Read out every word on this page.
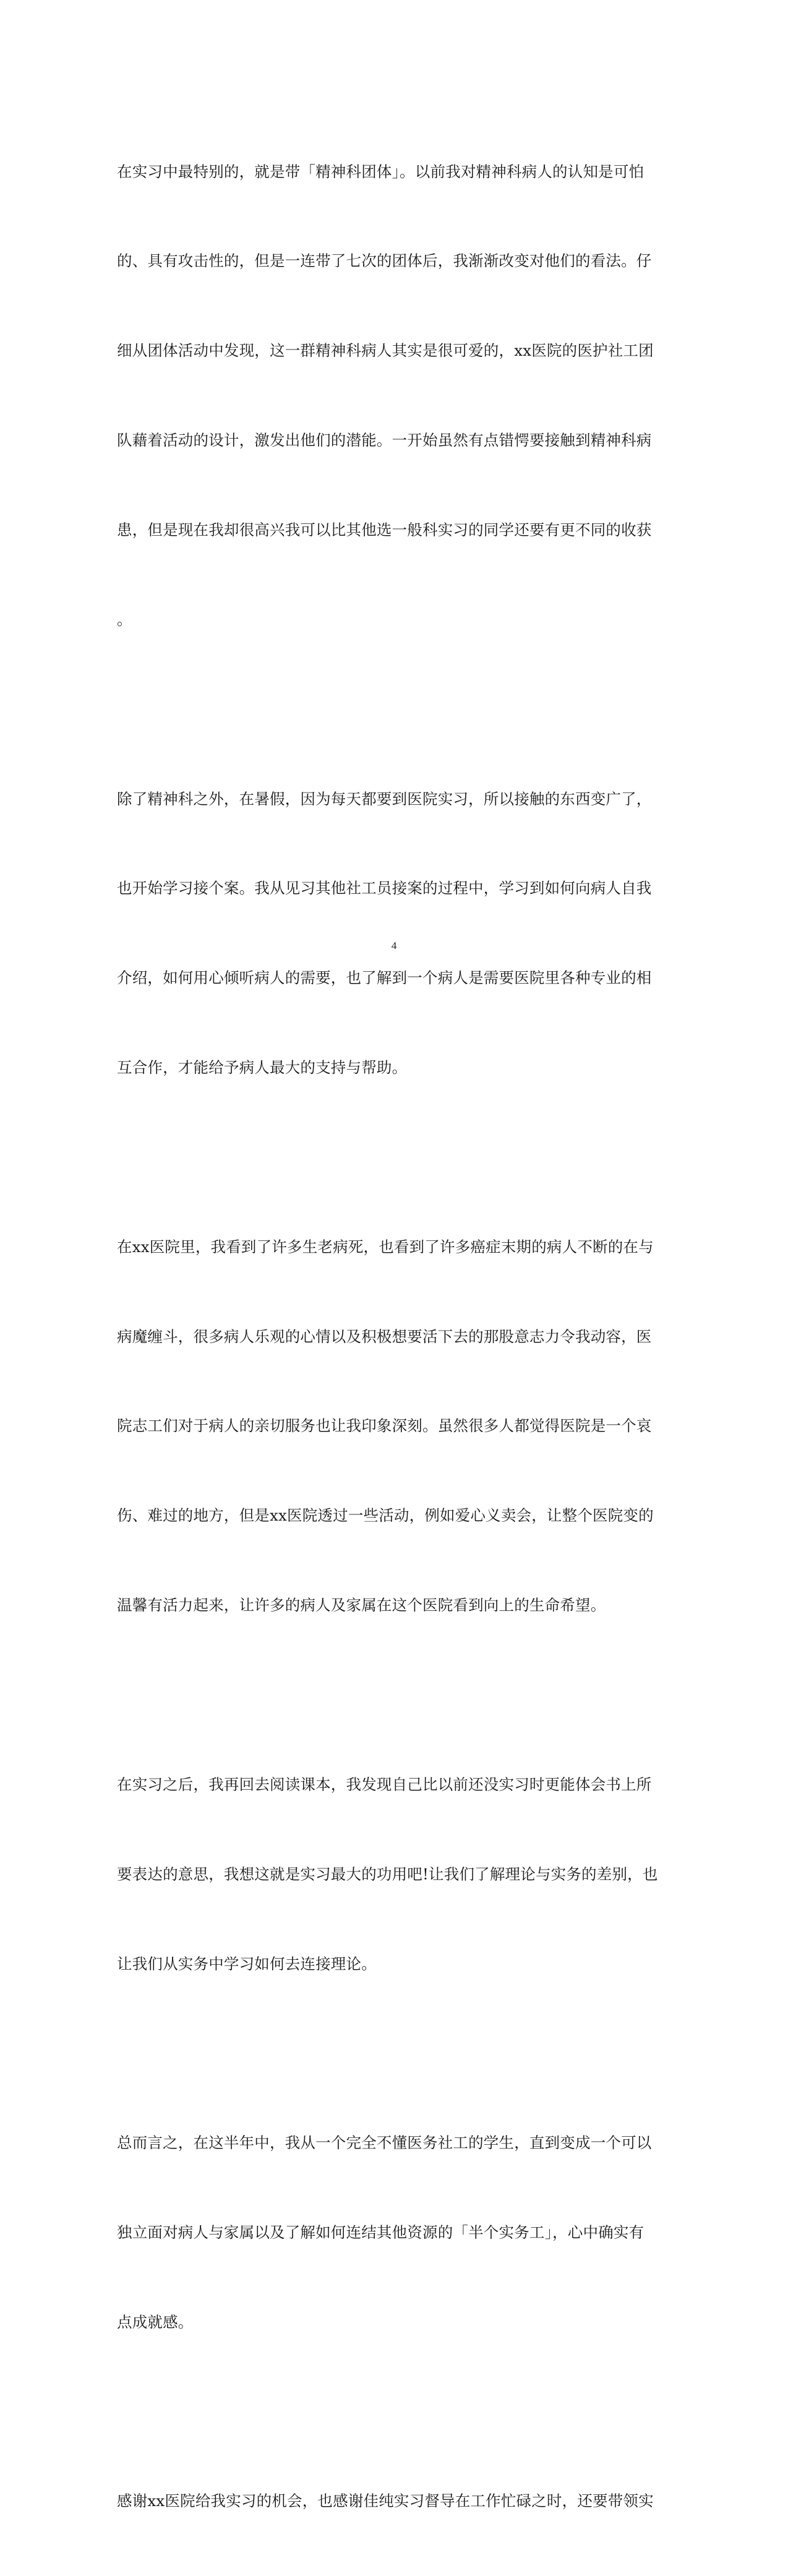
在实习中最特别的，就是带「精神科团体」。以前我对精神科病人的认知是可怕

的、具有攻击性的，但是一连带了七次的团体后，我渐渐改变对他们的看法。仔

细从团体活动中发现，这一群精神科病人其实是很可爱的，xx医院的医护社工团

队藉着活动的设计，激发出他们的潜能。一开始虽然有点错愕要接触到精神科病

患，但是现在我却很高兴我可以比其他选一般科实习的同学还要有更不同的收获

。

除了精神科之外，在暑假，因为每天都要到医院实习，所以接触的东西变广了，

也开始学习接个案。我从见习其他社工员接案的过程中，学习到如何向病人自我

介绍，如何用心倾听病人的需要，也了解到一个病人是需要医院里各种专业的相

互合作，才能给予病人最大的支持与帮助。

在xx医院里，我看到了许多生老病死，也看到了许多癌症末期的病人不断的在与

病魔缠斗，很多病人乐观的心情以及积极想要活下去的那股意志力令我动容，医

院志工们对于病人的亲切服务也让我印象深刻。虽然很多人都觉得医院是一个哀

伤、难过的地方，但是xx医院透过一些活动，例如爱心义卖会，让整个医院变的

温馨有活力起来，让许多的病人及家属在这个医院看到向上的生命希望。

在实习之后，我再回去阅读课本，我发现自己比以前还没实习时更能体会书上所

要表达的意思，我想这就是实习最大的功用吧!让我们了解理论与实务的差别，也

让我们从实务中学习如何去连接理论。

总而言之，在这半年中，我从一个完全不懂医务社工的学生，直到变成一个可以

独立面对病人与家属以及了解如何连结其他资源的「半个实务工」，心中确实有

点成就感。

感谢xx医院给我实习的机会，也感谢佳纯实习督导在工作忙碌之时，还要带领实

4
